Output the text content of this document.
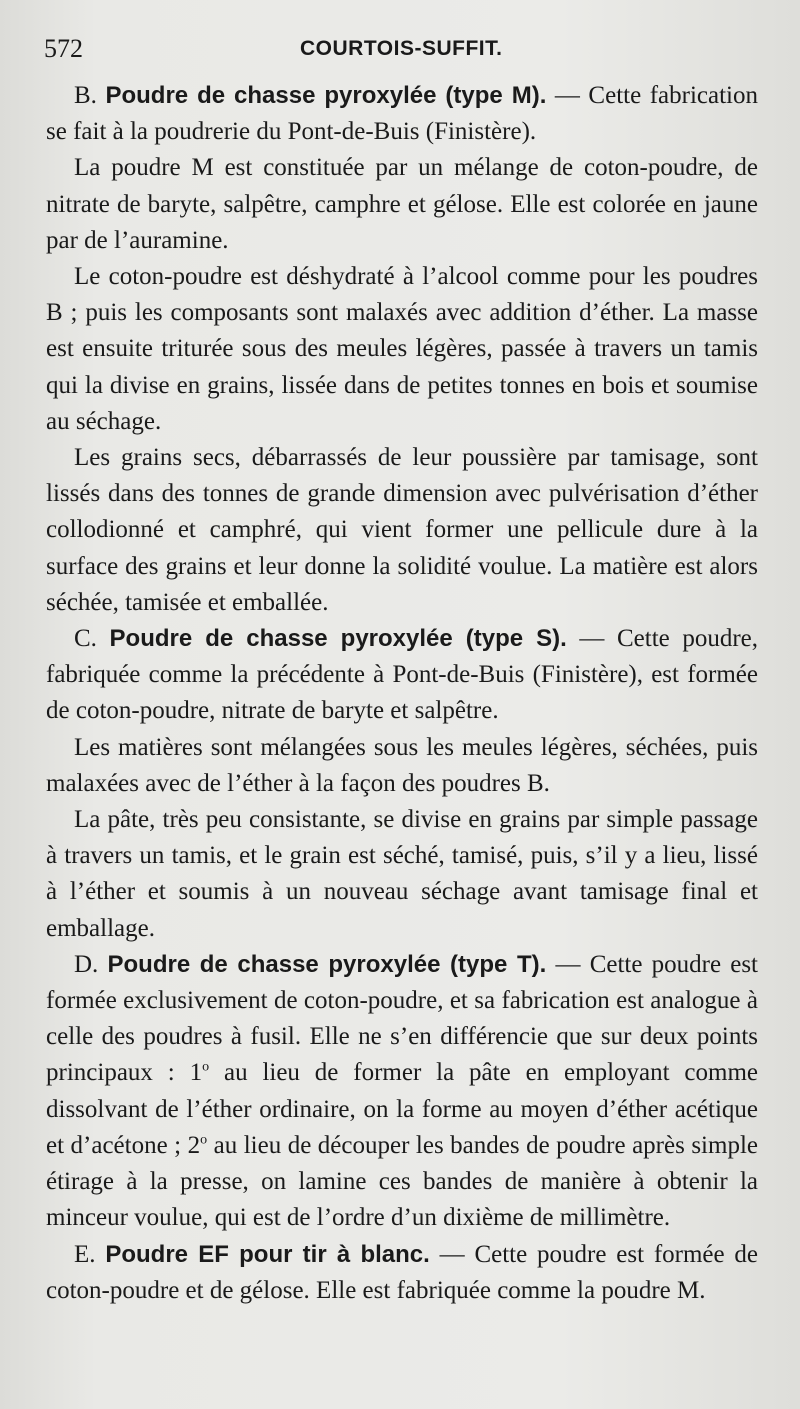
572	COURTOIS-SUFFIT.

B. Poudre de chasse pyroxylée (type M). — Cette fabrication se fait à la poudrerie du Pont-de-Buis (Finistère).

La poudre M est constituée par un mélange de coton-poudre, de nitrate de baryte, salpêtre, camphre et gélose. Elle est colorée en jaune par de l’auramine.

Le coton-poudre est déshydraté à l’alcool comme pour les poudres B ; puis les composants sont malaxés avec addition d’éther. La masse est ensuite triturée sous des meules légères, passée à travers un tamis qui la divise en grains, lissée dans de petites tonnes en bois et soumise au séchage.

Les grains secs, débarrassés de leur poussière par tamisage, sont lissés dans des tonnes de grande dimension avec pulvérisation d’éther collodionné et camphré, qui vient former une pellicule dure à la surface des grains et leur donne la solidité voulue. La matière est alors séchée, tamisée et emballée.

C. Poudre de chasse pyroxylée (type S). — Cette poudre, fabriquée comme la précédente à Pont-de-Buis (Finistère), est formée de coton-poudre, nitrate de baryte et salpêtre.

Les matières sont mélangées sous les meules légères, séchées, puis malaxées avec de l’éther à la façon des poudres B.

La pâte, très peu consistante, se divise en grains par simple passage à travers un tamis, et le grain est séché, tamisé, puis, s’il y a lieu, lissé à l’éther et soumis à un nouveau séchage avant tamisage final et emballage.

D. Poudre de chasse pyroxylée (type T). — Cette poudre est formée exclusivement de coton-poudre, et sa fabrication est analogue à celle des poudres à fusil. Elle ne s’en différencie que sur deux points principaux : 1$^o$ au lieu de former la pâte en employant comme dissolvant de l’éther ordinaire, on la forme au moyen d’éther acétique et d’acétone ; 2$^o$ au lieu de découper les bandes de poudre après simple étirage à la presse, on lamine ces bandes de manière à obtenir la minceur voulue, qui est de l’ordre d’un dixième de millimètre.

E. Poudre EF pour tir à blanc. — Cette poudre est formée de coton-poudre et de gélose. Elle est fabriquée comme la poudre M.
